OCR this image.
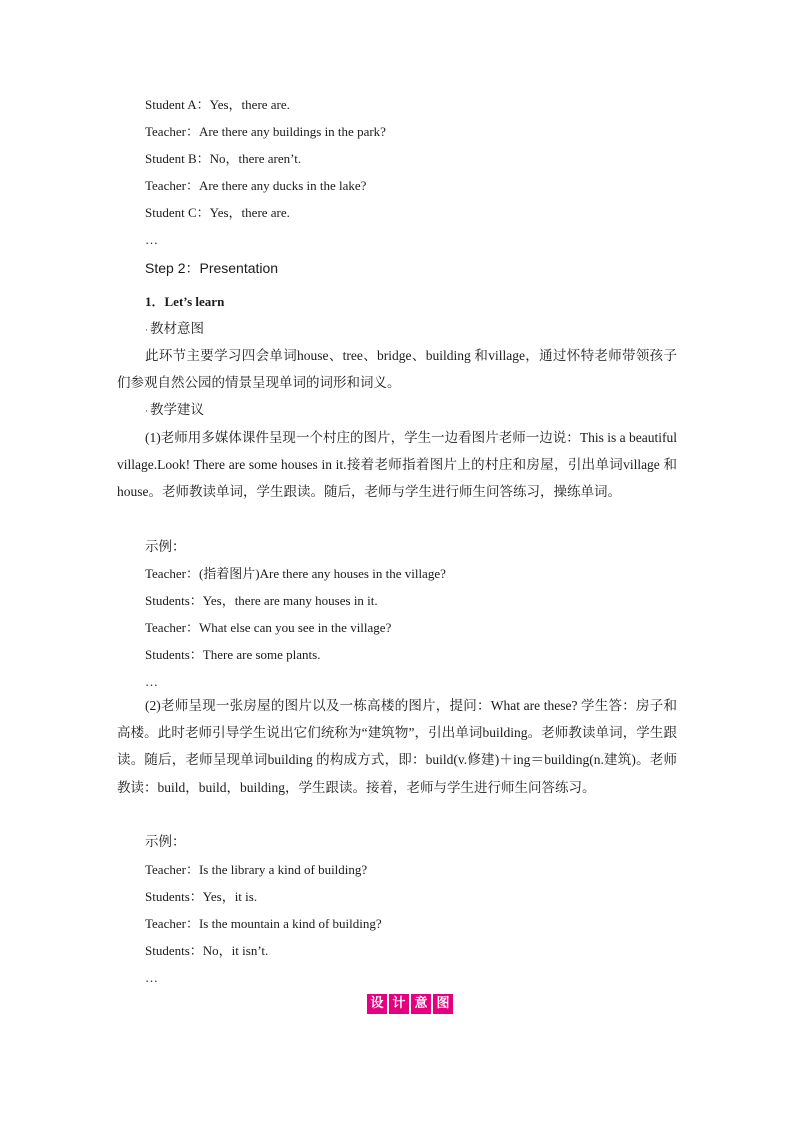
Student A：Yes，there are.
Teacher：Are there any buildings in the park?
Student B：No，there aren’t.
Teacher：Are there any ducks in the lake?
Student C：Yes，there are.
…
Step 2：Presentation
1．Let’s learn
· 教材意图
此环节主要学习四会单词house、tree、bridge、building 和village，通过怀特老师带领孩子们参观自然公园的情景呈现单词的词形和词义。
· 教学建议
(1)老师用多媒体课件呈现一个村庄的图片，学生一边看图片老师一边说：This is a beautiful village.Look! There are some houses in it.接着老师指着图片上的村庄和房屋，引出单词village 和house。老师教读单词，学生跟读。随后，老师与学生进行师生问答练习，操练单词。
示例：
Teacher：(指着图片)Are there any houses in the village?
Students：Yes，there are many houses in it.
Teacher：What else can you see in the village?
Students：There are some plants.
…
(2)老师呈现一张房屋的图片以及一栋高楼的图片，提问：What are these? 学生答：房子和高楼。此时老师引导学生说出它们统称为“建筑物”，引出单词building。老师教读单词，学生跟读。随后，老师呈现单词building 的构成方式，即：build(v.修建)＋ing＝building(n.建筑)。老师教读：build，build，building，学生跟读。接着，老师与学生进行师生问答练习。
示例：
Teacher：Is the library a kind of building?
Students：Yes，it is.
Teacher：Is the mountain a kind of building?
Students：No，it isn’t.
…
设 计 意 图
